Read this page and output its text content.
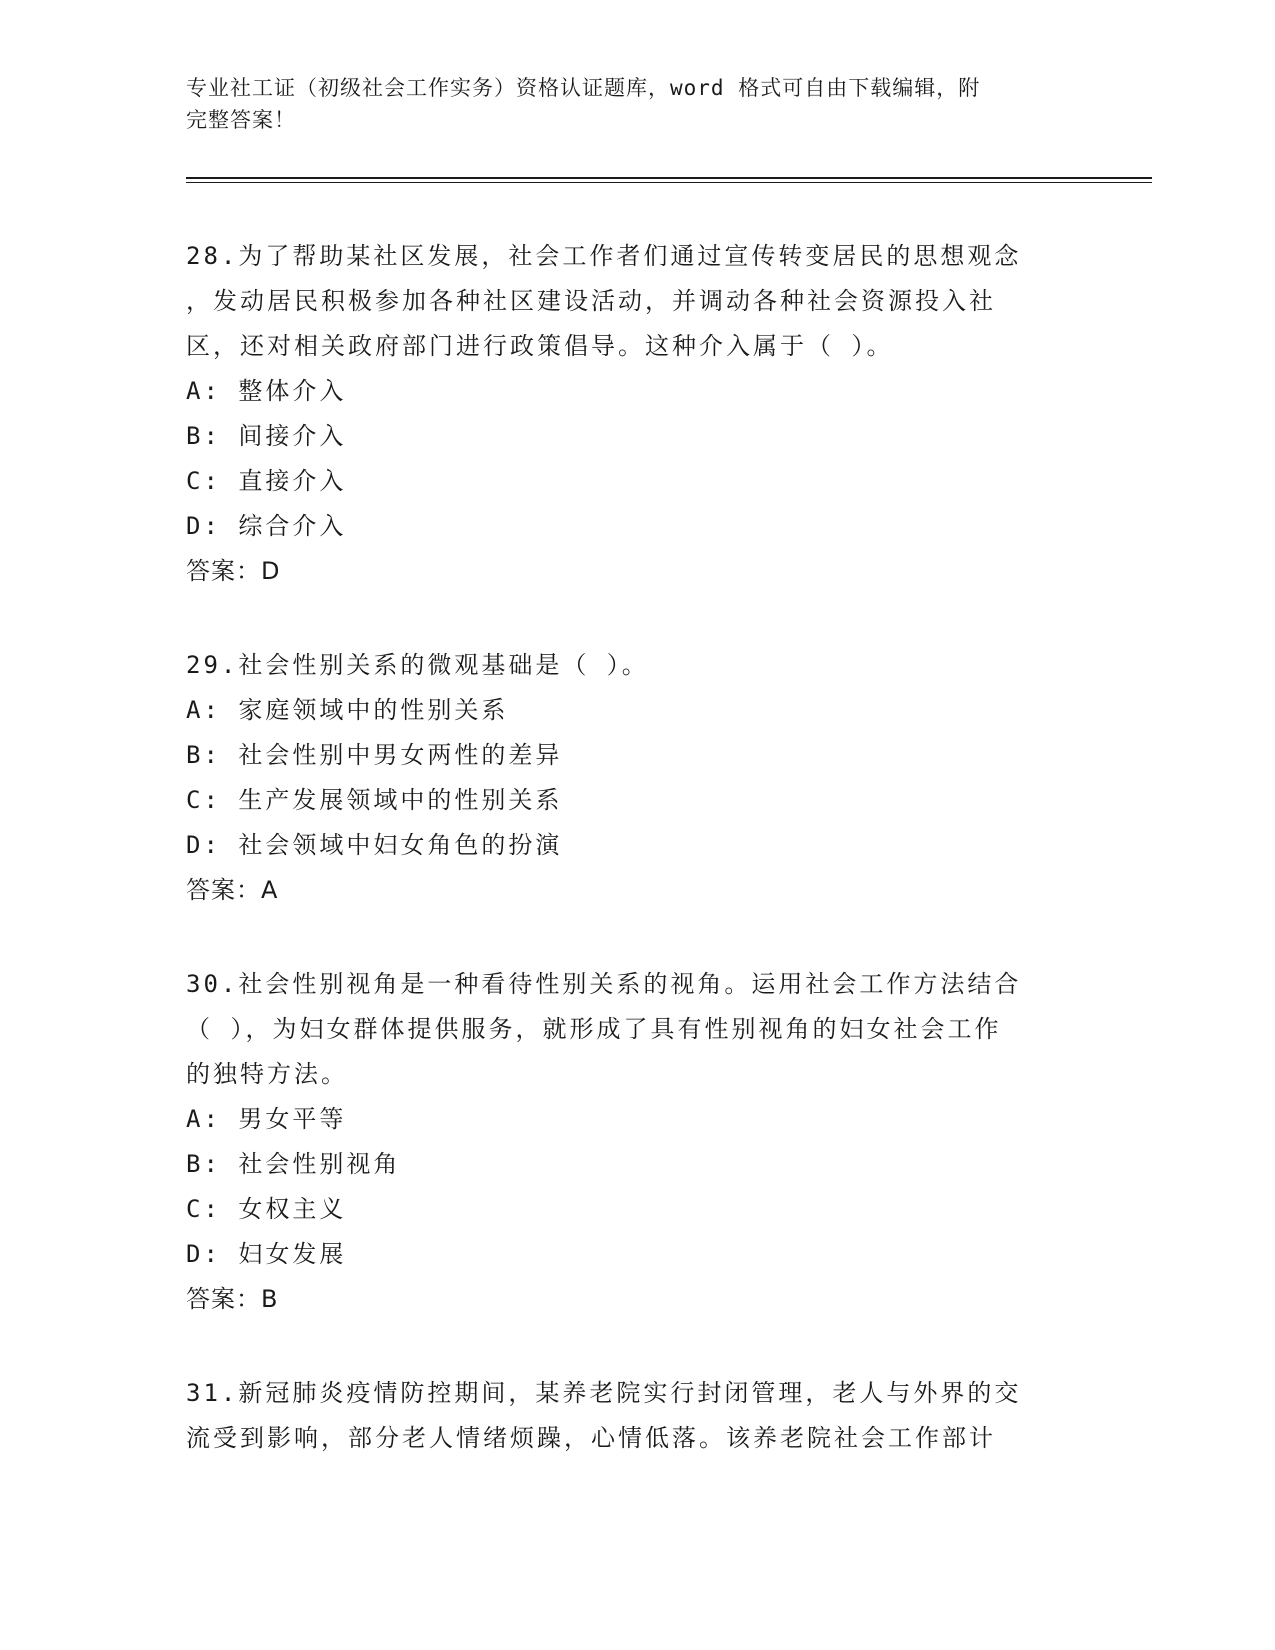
专业社工证（初级社会工作实务）资格认证题库，word 格式可自由下载编辑，附
完整答案！

28.为了帮助某社区发展，社会工作者们通过宣传转变居民的思想观念

，发动居民积极参加各种社区建设活动，并调动各种社会资源投入社

区，还对相关政府部门进行政策倡导。这种介入属于（ ）。

A: 整体介入

B: 间接介入

C: 直接介入

D: 综合介入

答案：D

29.社会性别关系的微观基础是（ ）。

A: 家庭领域中的性别关系

B: 社会性别中男女两性的差异

C: 生产发展领域中的性别关系

D: 社会领域中妇女角色的扮演

答案：A

30.社会性别视角是一种看待性别关系的视角。运用社会工作方法结合

（ ），为妇女群体提供服务，就形成了具有性别视角的妇女社会工作

的独特方法。

A: 男女平等

B: 社会性别视角

C: 女权主义

D: 妇女发展

答案：B

31.新冠肺炎疫情防控期间，某养老院实行封闭管理，老人与外界的交

流受到影响，部分老人情绪烦躁，心情低落。该养老院社会工作部计
